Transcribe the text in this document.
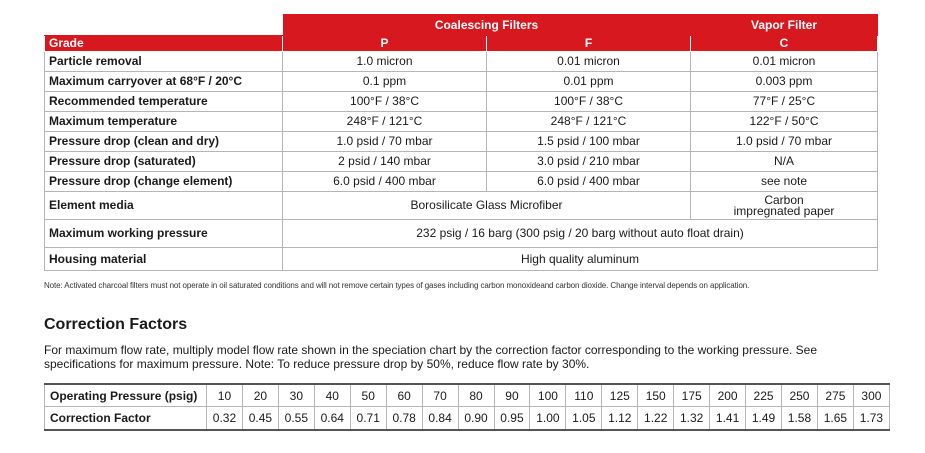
	Coalescing Filters		Vapor Filter
Grade	P	F	C
Particle removal	1.0 micron	0.01 micron	0.01 micron
Maximum carryover at 68°F / 20°C	0.1 ppm	0.01 ppm	0.003 ppm
Recommended temperature	100°F / 38°C	100°F / 38°C	77°F / 25°C
Maximum temperature	248°F / 121°C	248°F / 121°C	122°F / 50°C
Pressure drop (clean and dry)	1.0 psid / 70 mbar	1.5 psid / 100 mbar	1.0 psid / 70 mbar
Pressure drop (saturated)	2 psid / 140 mbar	3.0 psid / 210 mbar	N/A
Pressure drop (change element)	6.0 psid / 400 mbar	6.0 psid / 400 mbar	see note
Element media	Borosilicate Glass Microfiber		Carbon
impregnated paper
Maximum working pressure	232 psig / 16 barg (300 psig / 20 barg without auto float drain)		
Housing material	High quality aluminum		
Note: Activated charcoal filters must not operate in oil saturated conditions and will not remove certain types of gases including carbon monoxideand carbon dioxide. Change interval depends on application.
Correction Factors

For maximum flow rate, multiply model flow rate shown in the speciation chart by the correction factor corresponding to the working pressure. See specifications for maximum pressure. Note: To reduce pressure drop by 50%, reduce flow rate by 30%.

Operating Pressure (psig)	10	20	30	40	50	60	70	80	90	100	110	125	150	175	200	225	250	275	300
Correction Factor	0.32	0.45	0.55	0.64	0.71	0.78	0.84	0.90	0.95	1.00	1.05	1.12	1.22	1.32	1.41	1.49	1.58	1.65	1.73
